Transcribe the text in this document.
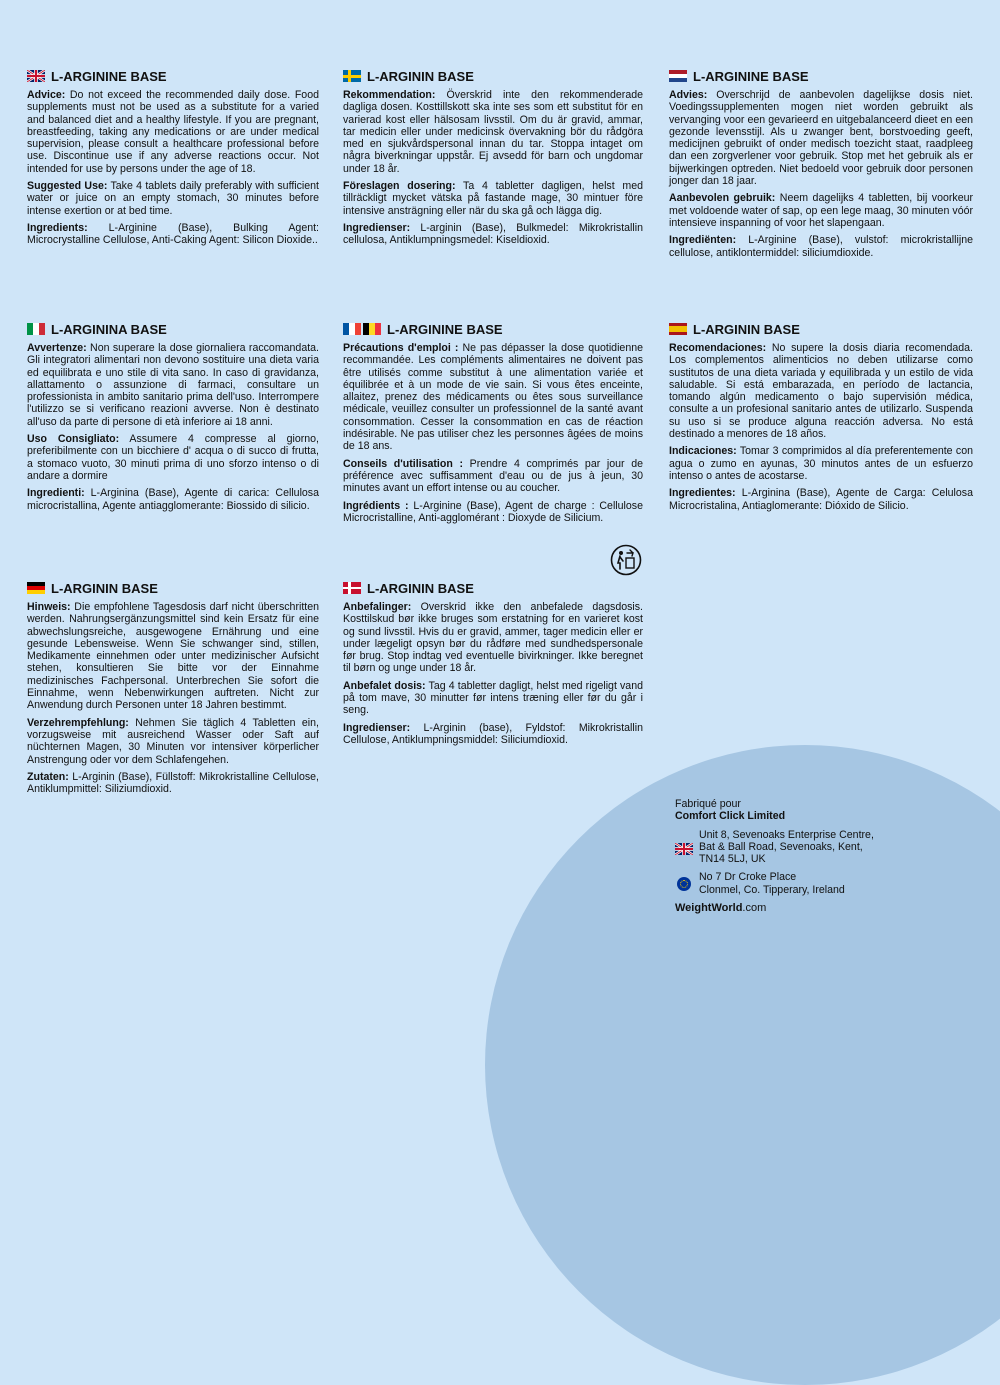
L-ARGININE BASE

Advice: Do not exceed the recommended daily dose. Food supplements must not be used as a substitute for a varied and balanced diet and a healthy lifestyle. If you are pregnant, breastfeeding, taking any medications or are under medical supervision, please consult a healthcare professional before use. Discontinue use if any adverse reactions occur. Not intended for use by persons under the age of 18.

Suggested Use: Take 4 tablets daily preferably with sufficient water or juice on an empty stomach, 30 minutes before intense exertion or at bed time.

Ingredients: L-Arginine (Base), Bulking Agent: Microcrystalline Cellulose, Anti-Caking Agent: Silicon Dioxide..

L-ARGININ BASE

Rekommendation: Överskrid inte den rekommenderade dagliga dosen. Kosttillskott ska inte ses som ett substitut för en varierad kost eller hälsosam livsstil. Om du är gravid, ammar, tar medicin eller under medicinsk övervakning bör du rådgöra med en sjukvårdspersonal innan du tar. Stoppa intaget om några biverkningar uppstår. Ej avsedd för barn och ungdomar under 18 år.

Föreslagen dosering: Ta 4 tabletter dagligen, helst med tillräckligt mycket vätska på fastande mage, 30 mintuer före intensive ansträgning eller när du ska gå och lägga dig.

Ingredienser: L-arginin (Base), Bulkmedel: Mikrokristallin cellulosa, Antiklumpningsmedel: Kiseldioxid.

L-ARGININE BASE

Advies: Overschrijd de aanbevolen dagelijkse dosis niet. Voedingssupplementen mogen niet worden gebruikt als vervanging voor een gevarieerd en uitgebalanceerd dieet en een gezonde levensstijl. Als u zwanger bent, borstvoeding geeft, medicijnen gebruikt of onder medisch toezicht staat, raadpleeg dan een zorgverlener voor gebruik. Stop met het gebruik als er bijwerkingen optreden. Niet bedoeld voor gebruik door personen jonger dan 18 jaar.

Aanbevolen gebruik: Neem dagelijks 4 tabletten, bij voorkeur met voldoende water of sap, op een lege maag, 30 minuten vóór intensieve inspanning of voor het slapengaan.

Ingrediënten: L-Arginine (Base), vulstof: microkristallijne cellulose, antiklontermiddel: siliciumdioxide.

L-ARGININA BASE

Avvertenze: Non superare la dose giornaliera raccomandata. Gli integratori alimentari non devono sostituire una dieta varia ed equilibrata e uno stile di vita sano. In caso di gravidanza, allattamento o assunzione di farmaci, consultare un professionista in ambito sanitario prima dell'uso. Interrompere l'utilizzo se si verificano reazioni avverse. Non è destinato all'uso da parte di persone di età inferiore ai 18 anni.

Uso Consigliato: Assumere 4 compresse al giorno, preferibilmente con un bicchiere d' acqua o di succo di frutta, a stomaco vuoto, 30 minuti prima di uno sforzo intenso o di andare a dormire

Ingredienti: L-Arginina (Base), Agente di carica: Cellulosa microcristallina, Agente antiagglomerante: Biossido di silicio.

L-ARGININE BASE

Précautions d'emploi : Ne pas dépasser la dose quotidienne recommandée. Les compléments alimentaires ne doivent pas être utilisés comme substitut à une alimentation variée et équilibrée et à un mode de vie sain. Si vous êtes enceinte, allaitez, prenez des médicaments ou êtes sous surveillance médicale, veuillez consulter un professionnel de la santé avant consommation. Cesser la consommation en cas de réaction indésirable. Ne pas utiliser chez les personnes âgées de moins de 18 ans.

Conseils d'utilisation : Prendre 4 comprimés par jour de préférence avec suffisamment d'eau ou de jus à jeun, 30 minutes avant un effort intense ou au coucher.

Ingrédients : L-Arginine (Base), Agent de charge : Cellulose Microcristalline, Anti-agglomérant : Dioxyde de Silicium.

L-ARGININ BASE

Recomendaciones: No supere la dosis diaria recomendada. Los complementos alimenticios no deben utilizarse como sustitutos de una dieta variada y equilibrada y un estilo de vida saludable. Si está embarazada, en período de lactancia, tomando algún medicamento o bajo supervisión médica, consulte a un profesional sanitario antes de utilizarlo. Suspenda su uso si se produce alguna reacción adversa. No está destinado a menores de 18 años.

Indicaciones: Tomar 3 comprimidos al día preferentemente con agua o zumo en ayunas, 30 minutos antes de un esfuerzo intenso o antes de acostarse.

Ingredientes: L-Arginina (Base), Agente de Carga: Celulosa Microcristalina, Antiaglomerante: Dióxido de Silicio.

L-ARGININ BASE

Hinweis: Die empfohlene Tagesdosis darf nicht überschritten werden. Nahrungsergänzungsmittel sind kein Ersatz für eine abwechslungsreiche, ausgewogene Ernährung und eine gesunde Lebensweise. Wenn Sie schwanger sind, stillen, Medikamente einnehmen oder unter medizinischer Aufsicht stehen, konsultieren Sie bitte vor der Einnahme medizinisches Fachpersonal. Unterbrechen Sie sofort die Einnahme, wenn Nebenwirkungen auftreten. Nicht zur Anwendung durch Personen unter 18 Jahren bestimmt.

Verzehrempfehlung: Nehmen Sie täglich 4 Tabletten ein, vorzugsweise mit ausreichend Wasser oder Saft auf nüchternen Magen, 30 Minuten vor intensiver körperlicher Anstrengung oder vor dem Schlafengehen.

Zutaten: L-Arginin (Base), Füllstoff: Mikrokristalline Cellulose, Antiklumpmittel: Siliziumdioxid.

L-ARGININ BASE

Anbefalinger: Overskrid ikke den anbefalede dagsdosis. Kosttilskud bør ikke bruges som erstatning for en varieret kost og sund livsstil. Hvis du er gravid, ammer, tager medicin eller er under lægeligt opsyn bør du rådføre med sundhedspersonale før brug. Stop indtag ved eventuelle bivirkninger. Ikke beregnet til børn og unge under 18 år.

Anbefalet dosis: Tag 4 tabletter dagligt, helst med rigeligt vand på tom mave, 30 minutter før intens træning eller før du går i seng.

Ingredienser: L-Arginin (base), Fyldstof: Mikrokristallin Cellulose, Antiklumpningsmiddel: Siliciumdioxid.

Fabriqué pour
Comfort Click Limited
Unit 8, Sevenoaks Enterprise Centre,
Bat & Ball Road, Sevenoaks, Kent,
TN14 5LJ, UK
No 7 Dr Croke Place
Clonmel, Co. Tipperary, Ireland
WeightWorld.com
